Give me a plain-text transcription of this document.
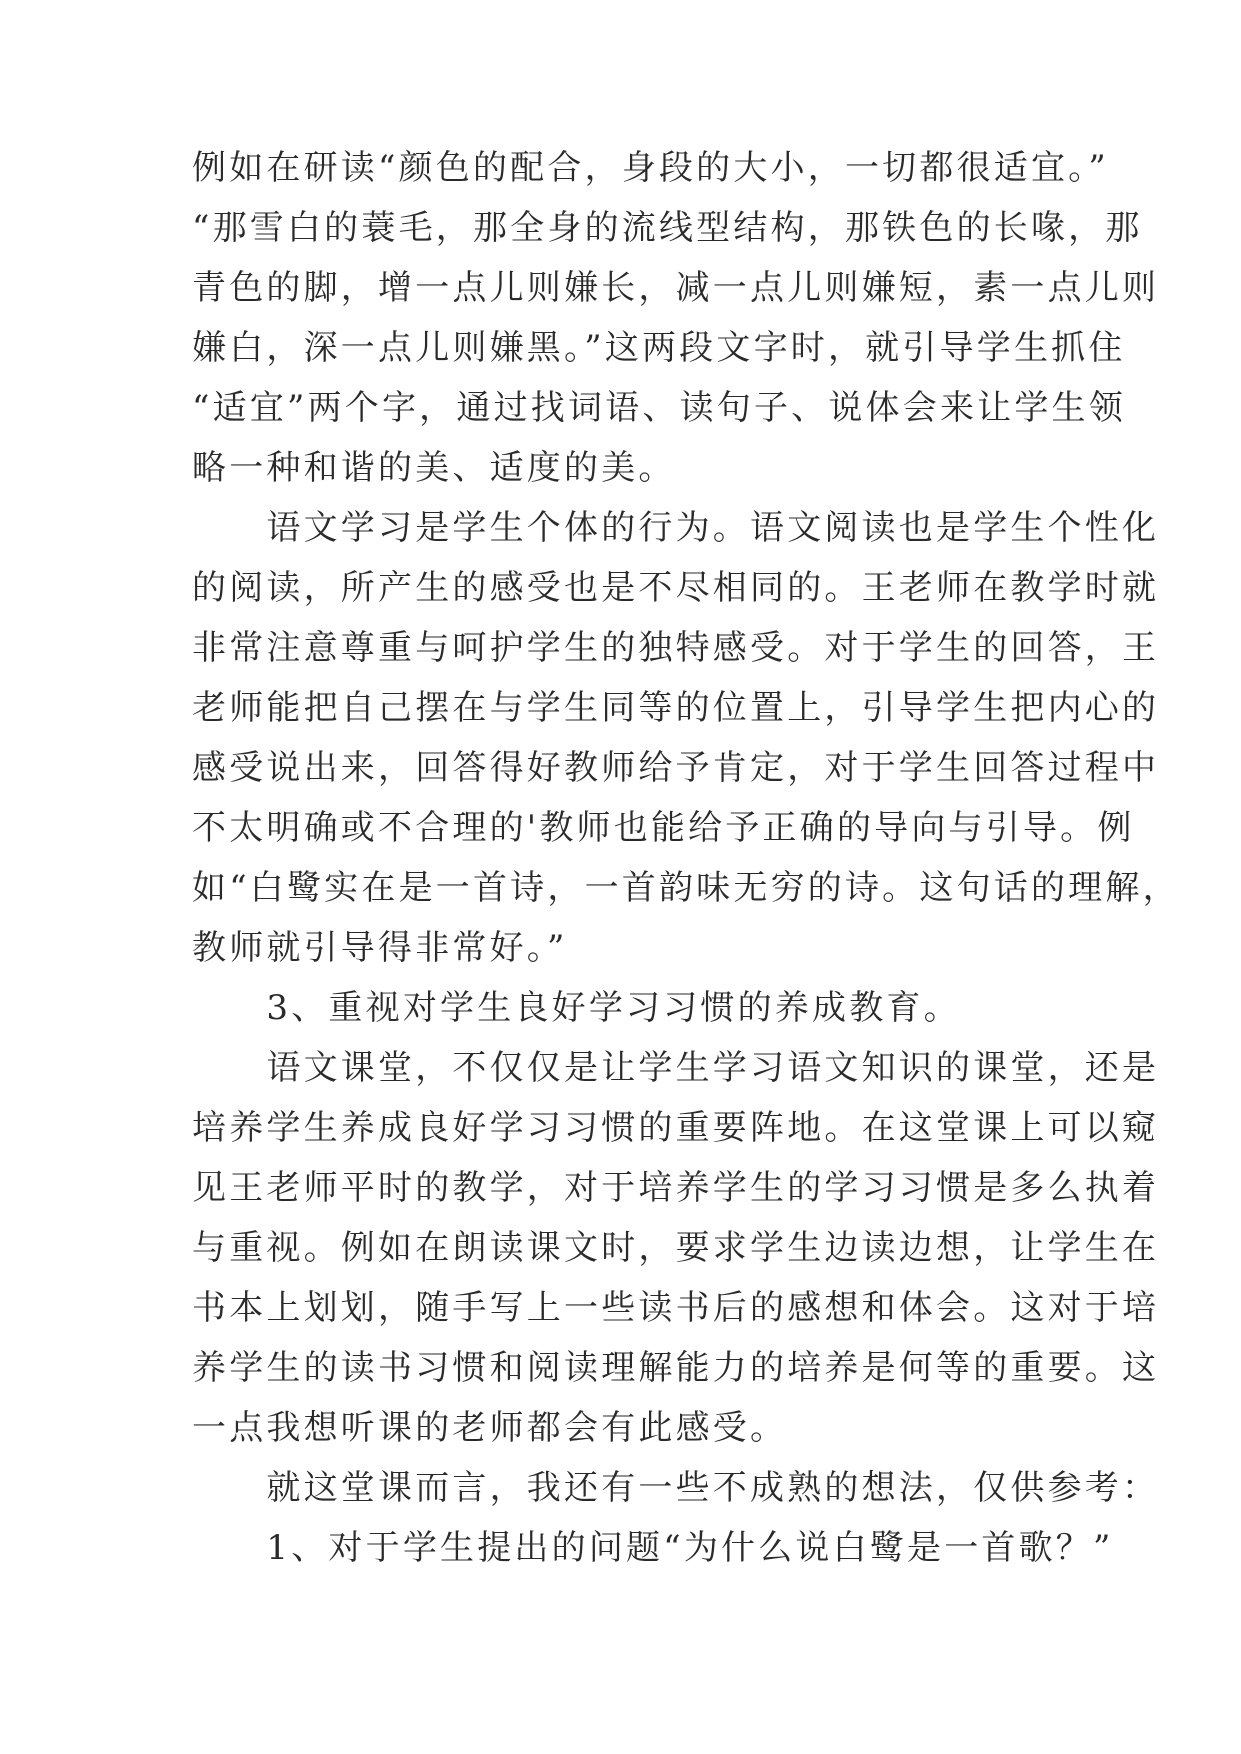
例如在研读“颜色的配合，身段的大小，一切都很适宜。”
“那雪白的蓑毛，那全身的流线型结构，那铁色的长喙，那
青色的脚，增一点儿则嫌长，减一点儿则嫌短，素一点儿则
嫌白，深一点儿则嫌黑。”这两段文字时，就引导学生抓住
“适宜”两个字，通过找词语、读句子、说体会来让学生领
略一种和谐的美、适度的美。
　　语文学习是学生个体的行为。语文阅读也是学生个性化
的阅读，所产生的感受也是不尽相同的。王老师在教学时就
非常注意尊重与呵护学生的独特感受。对于学生的回答，王
老师能把自己摆在与学生同等的位置上，引导学生把内心的
感受说出来，回答得好教师给予肯定，对于学生回答过程中
不太明确或不合理的'教师也能给予正确的导向与引导。例
如“白鹭实在是一首诗，一首韵味无穷的诗。这句话的理解，
教师就引导得非常好。”
　　3、重视对学生良好学习习惯的养成教育。
　　语文课堂，不仅仅是让学生学习语文知识的课堂，还是
培养学生养成良好学习习惯的重要阵地。在这堂课上可以窥
见王老师平时的教学，对于培养学生的学习习惯是多么执着
与重视。例如在朗读课文时，要求学生边读边想，让学生在
书本上划划，随手写上一些读书后的感想和体会。这对于培
养学生的读书习惯和阅读理解能力的培养是何等的重要。这
一点我想听课的老师都会有此感受。
　　就这堂课而言，我还有一些不成熟的想法，仅供参考：
　　1、对于学生提出的问题“为什么说白鹭是一首歌？”
